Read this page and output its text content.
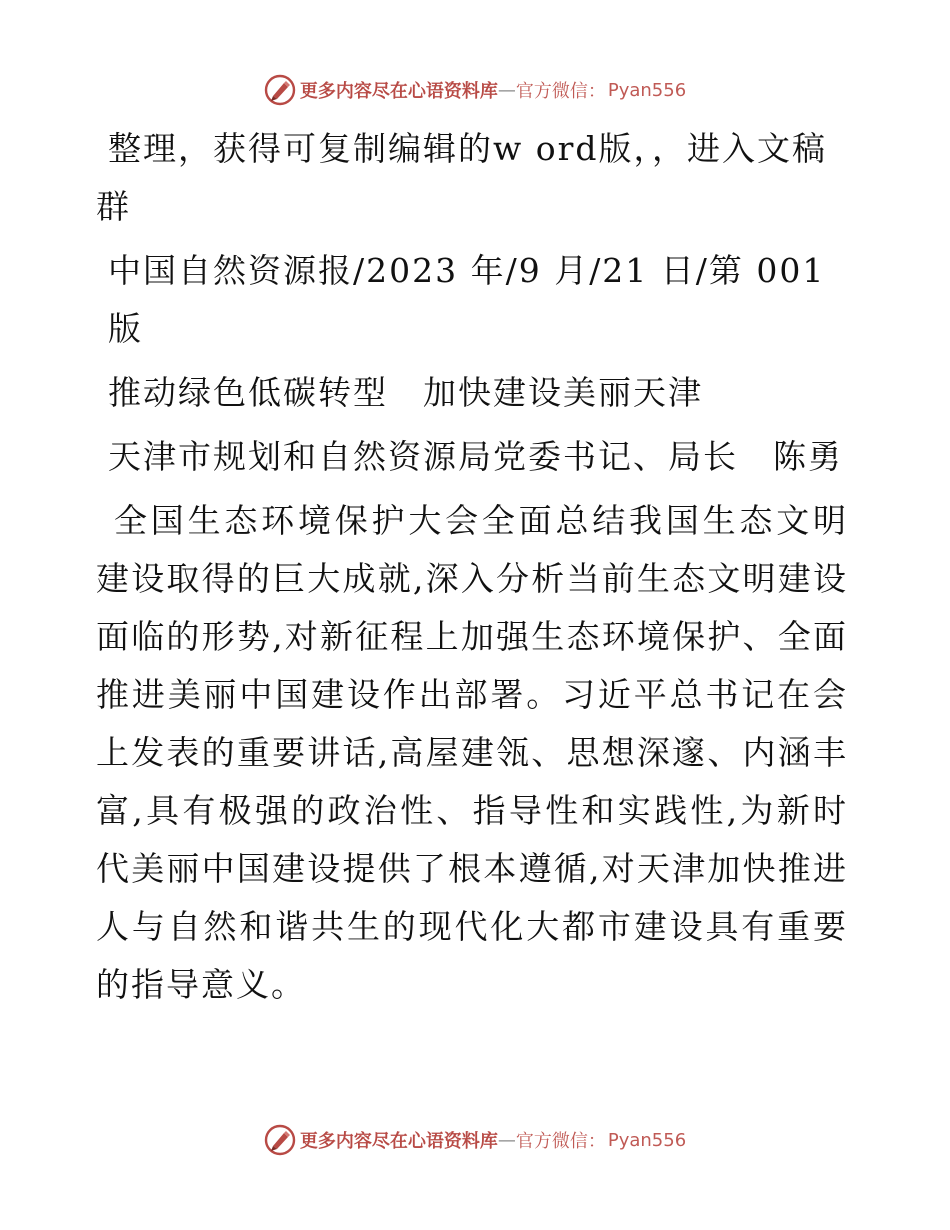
更多内容尽在心语资料库 — 官方微信： Pyan556

整理，获得可复制编辑的w ord版，，进入文稿

群

中国自然资源报/2023 年/9 月/21 日/第 001 版

推动绿色低碳转型　加快建设美丽天津

天津市规划和自然资源局党委书记、局长　陈勇

全国生态环境保护大会全面总结我国生态文明建设取得的巨大成就,深入分析当前生态文明建设面临的形势,对新征程上加强生态环境保护、全面推进美丽中国建设作出部署。习近平总书记在会上发表的重要讲话,高屋建瓴、思想深邃、内涵丰富,具有极强的政治性、指导性和实践性,为新时代美丽中国建设提供了根本遵循,对天津加快推进人与自然和谐共生的现代化大都市建设具有重要的指导意义。

更多内容尽在心语资料库 — 官方微信： Pyan556
